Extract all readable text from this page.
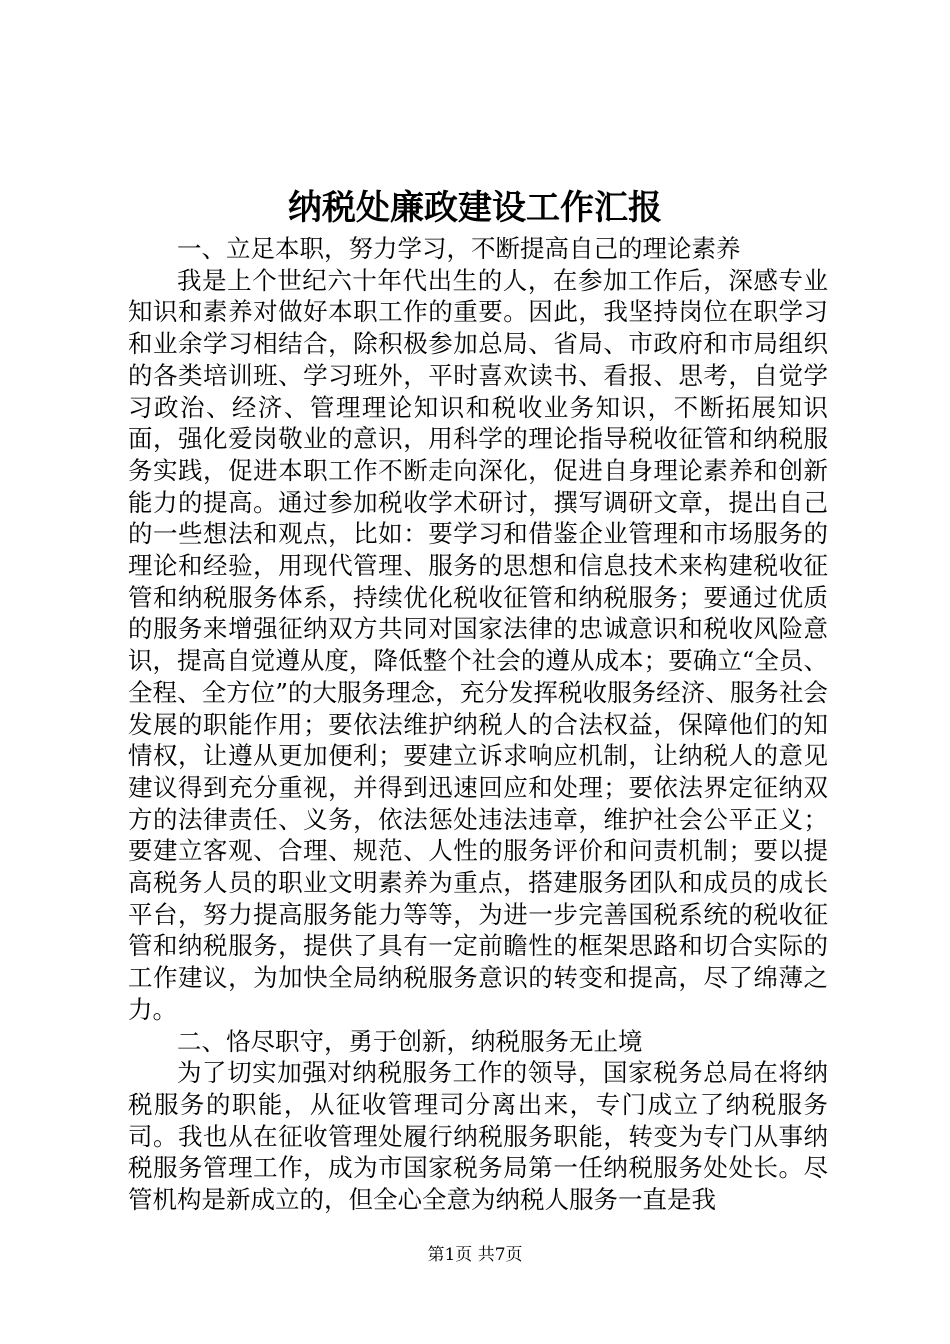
纳税处廉政建设工作汇报

一、立足本职，努力学习，不断提高自己的理论素养

我是上个世纪六十年代出生的人，在参加工作后，深感专业知识和素养对做好本职工作的重要。因此，我坚持岗位在职学习和业余学习相结合，除积极参加总局、省局、市政府和市局组织的各类培训班、学习班外，平时喜欢读书、看报、思考，自觉学习政治、经济、管理理论知识和税收业务知识，不断拓展知识面，强化爱岗敬业的意识，用科学的理论指导税收征管和纳税服务实践，促进本职工作不断走向深化，促进自身理论素养和创新能力的提高。通过参加税收学术研讨，撰写调研文章，提出自己的一些想法和观点，比如：要学习和借鉴企业管理和市场服务的理论和经验，用现代管理、服务的思想和信息技术来构建税收征管和纳税服务体系，持续优化税收征管和纳税服务；要通过优质的服务来增强征纳双方共同对国家法律的忠诚意识和税收风险意识，提高自觉遵从度，降低整个社会的遵从成本；要确立“全员、全程、全方位”的大服务理念，充分发挥税收服务经济、服务社会发展的职能作用；要依法维护纳税人的合法权益，保障他们的知情权，让遵从更加便利；要建立诉求响应机制，让纳税人的意见建议得到充分重视，并得到迅速回应和处理；要依法界定征纳双方的法律责任、义务，依法惩处违法违章，维护社会公平正义；要建立客观、合理、规范、人性的服务评价和问责机制；要以提高税务人员的职业文明素养为重点，搭建服务团队和成员的成长平台，努力提高服务能力等等，为进一步完善国税系统的税收征管和纳税服务，提供了具有一定前瞻性的框架思路和切合实际的工作建议，为加快全局纳税服务意识的转变和提高，尽了绵薄之力。

二、恪尽职守，勇于创新，纳税服务无止境

为了切实加强对纳税服务工作的领导，国家税务总局在将纳税服务的职能，从征收管理司分离出来，专门成立了纳税服务司。我也从在征收管理处履行纳税服务职能，转变为专门从事纳税服务管理工作，成为市国家税务局第一任纳税服务处处长。尽管机构是新成立的，但全心全意为纳税人服务一直是我

第1页 共7页
